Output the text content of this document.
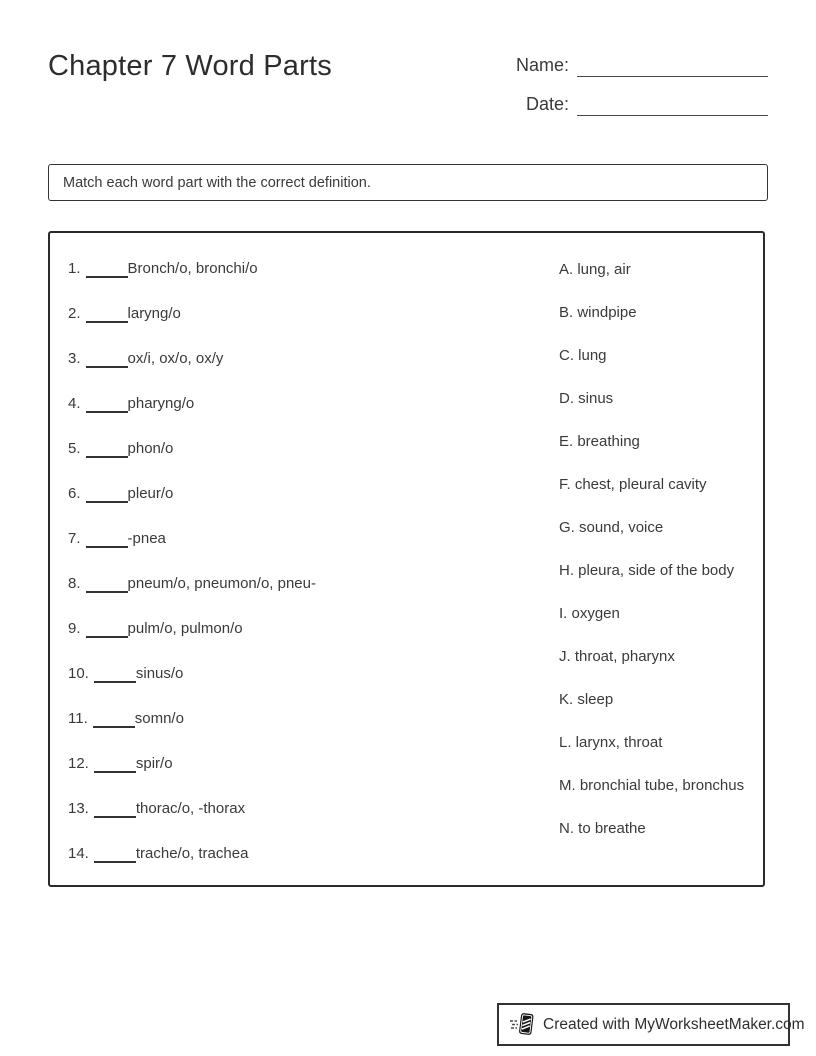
Chapter 7 Word Parts	Name:
Date:
Match each word part with the correct definition.
1.	Bronch/o, bronchi/o
2.	laryng/o
3.	ox/i, ox/o, ox/y
4.	pharyng/o
5.	phon/o
6.	pleur/o
7.	-pnea
8.	pneum/o, pneumon/o, pneu-
9.	pulm/o, pulmon/o
10.	sinus/o
11.	somn/o
12.	spir/o
13.	thorac/o, -thorax
14.	trache/o, trachea
A. lung, air
B. windpipe
C. lung
D. sinus
E. breathing
F. chest, pleural cavity
G. sound, voice
H. pleura, side of the body
I. oxygen
J. throat, pharynx
K. sleep
L. larynx, throat
M. bronchial tube, bronchus
N. to breathe
Created with MyWorksheetMaker.com
